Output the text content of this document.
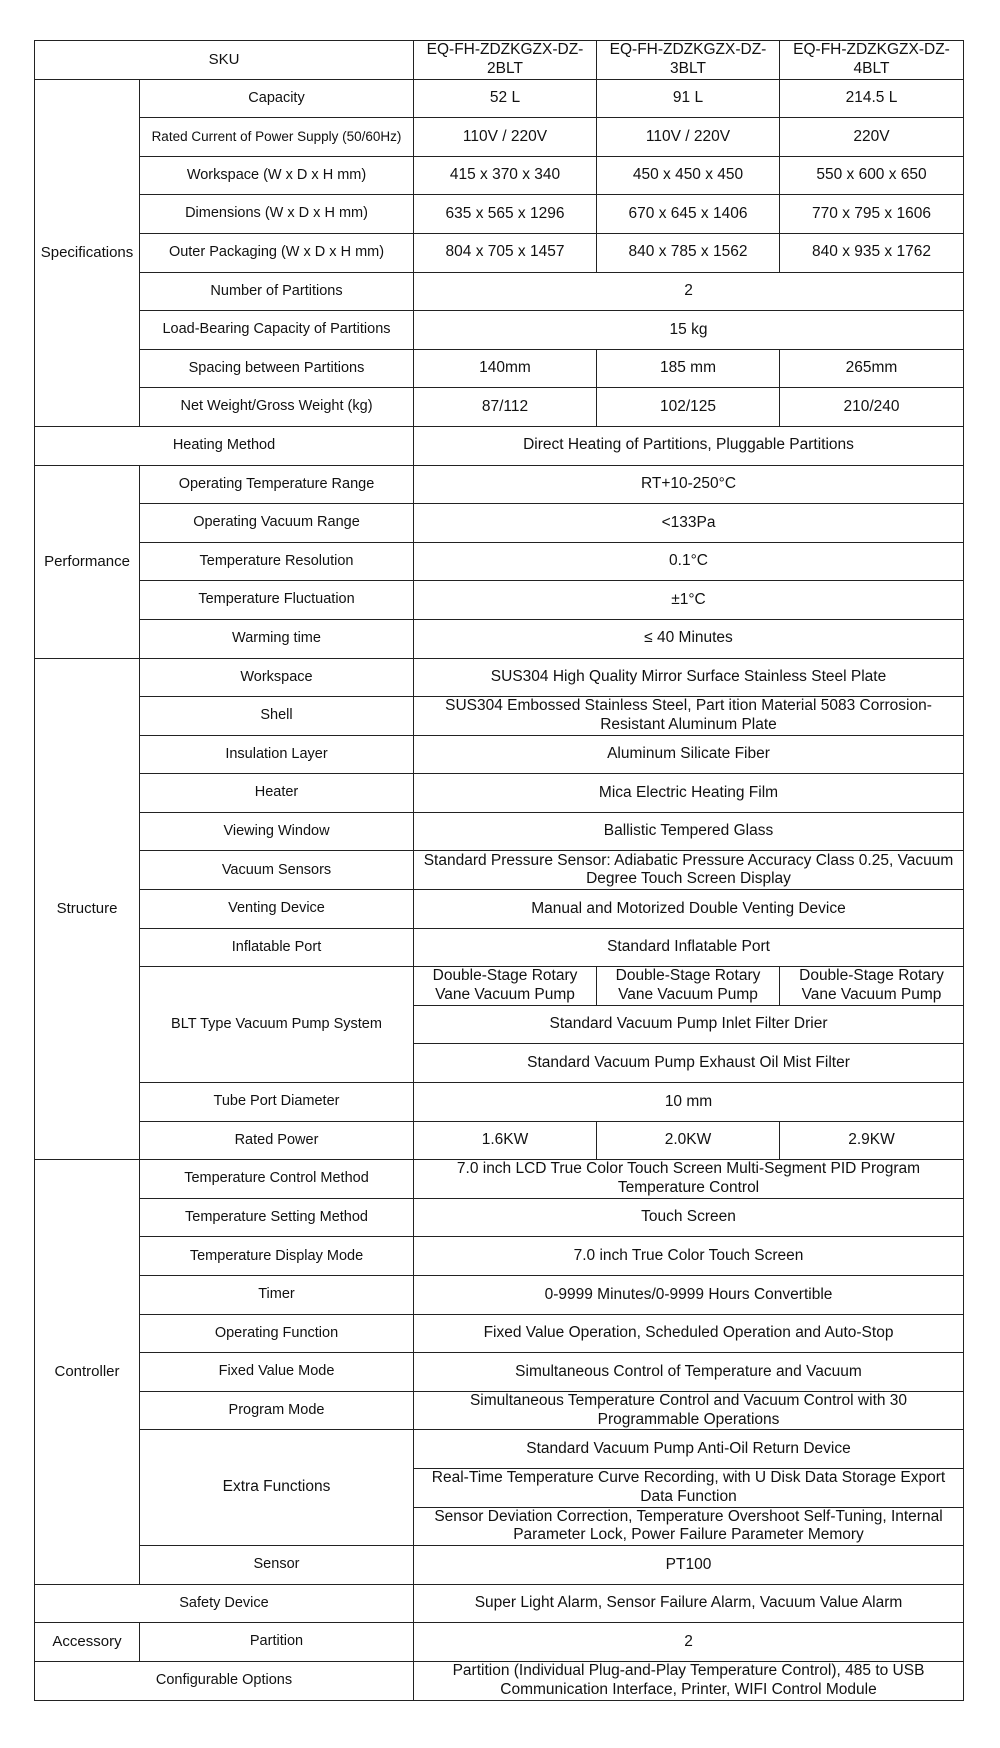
SKU		EQ-FH-ZDZKGZX-DZ-2BLT	EQ-FH-ZDZKGZX-DZ-3BLT	EQ-FH-ZDZKGZX-DZ-4BLT
Specifications	Capacity	52 L	91 L	214.5 L
	Rated Current of Power Supply (50/60Hz)	110V / 220V	110V / 220V	220V
	Workspace (W x D x H mm)	415 x 370 x 340	450 x 450 x 450	550 x 600 x 650
	Dimensions (W x D x H mm)	635 x 565 x 1296	670 x 645 x 1406	770 x 795 x 1606
	Outer Packaging (W x D x H mm)	804 x 705 x 1457	840 x 785 x 1562	840 x 935 x 1762
	Number of Partitions	2		
	Load-Bearing Capacity of Partitions	15 kg		
	Spacing between Partitions	140mm	185 mm	265mm
	Net Weight/Gross Weight (kg)	87/112	102/125	210/240
Heating Method		Direct Heating of Partitions, Pluggable Partitions		
Performance	Operating Temperature Range	RT+10-250°C		
	Operating Vacuum Range	<133Pa		
	Temperature Resolution	0.1°C		
	Temperature Fluctuation	±1°C		
	Warming time	≤ 40 Minutes		
Structure	Workspace	SUS304 High Quality Mirror Surface Stainless Steel Plate		
	Shell	SUS304 Embossed Stainless Steel, Part ition Material 5083 Corrosion-Resistant Aluminum Plate		
	Insulation Layer	Aluminum Silicate Fiber		
	Heater	Mica Electric Heating Film		
	Viewing Window	Ballistic Tempered Glass		
	Vacuum Sensors	Standard Pressure Sensor: Adiabatic Pressure Accuracy Class 0.25, Vacuum Degree Touch Screen Display		
	Venting Device	Manual and Motorized Double Venting Device		
	Inflatable Port	Standard Inflatable Port		
	BLT Type Vacuum Pump System	Double-Stage Rotary Vane Vacuum Pump	Double-Stage Rotary Vane Vacuum Pump	Double-Stage Rotary Vane Vacuum Pump
		Standard Vacuum Pump Inlet Filter Drier		
		Standard Vacuum Pump Exhaust Oil Mist Filter		
	Tube Port Diameter	10 mm		
	Rated Power	1.6KW	2.0KW	2.9KW
Controller	Temperature Control Method	7.0 inch LCD True Color Touch Screen Multi-Segment PID Program Temperature Control		
	Temperature Setting Method	Touch Screen		
	Temperature Display Mode	7.0 inch True Color Touch Screen		
	Timer	0-9999 Minutes/0-9999 Hours Convertible		
	Operating Function	Fixed Value Operation, Scheduled Operation and Auto-Stop		
	Fixed Value Mode	Simultaneous Control of Temperature and Vacuum		
	Program Mode	Simultaneous Temperature Control and Vacuum Control with 30 Programmable Operations		
	Extra Functions	Standard Vacuum Pump Anti-Oil Return Device		
		Real-Time Temperature Curve Recording, with U Disk Data Storage Export Data Function		
		Sensor Deviation Correction, Temperature Overshoot Self-Tuning, Internal Parameter Lock, Power Failure Parameter Memory		
	Sensor	PT100		
Safety Device		Super Light Alarm, Sensor Failure Alarm, Vacuum Value Alarm		
Accessory	Partition	2		
Configurable Options		Partition (Individual Plug-and-Play Temperature Control), 485 to USB Communication Interface, Printer, WIFI Control Module		
